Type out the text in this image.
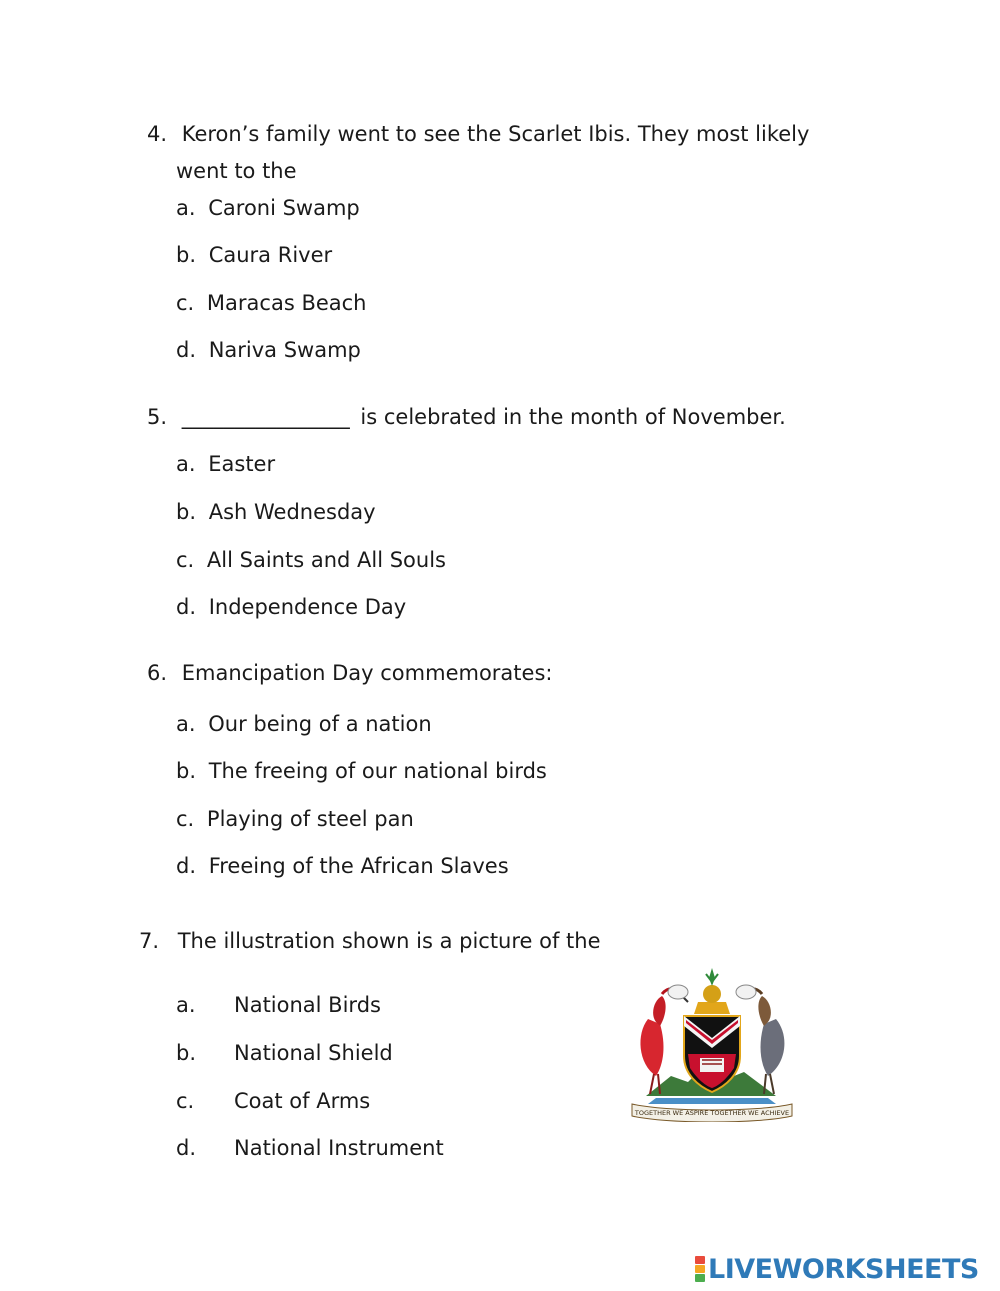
4. Keron’s family went to see the Scarlet Ibis. They most likely
went to the
a. Caroni Swamp
b. Caura River
c. Maracas Beach
d. Nariva Swamp
5. ________________ is celebrated in the month of November.
a. Easter
b. Ash Wednesday
c. All Saints and All Souls
d. Independence Day
6. Emancipation Day commemorates:
a. Our being of a nation
b. The freeing of our national birds
c. Playing of steel pan
d. Freeing of the African Slaves
7. The illustration shown is a picture of the
a. National Birds
b. National Shield
c. Coat of Arms
d. National Instrument
TOGETHER WE ASPIRE TOGETHER WE ACHIEVE
LIVEWORKSHEETS
